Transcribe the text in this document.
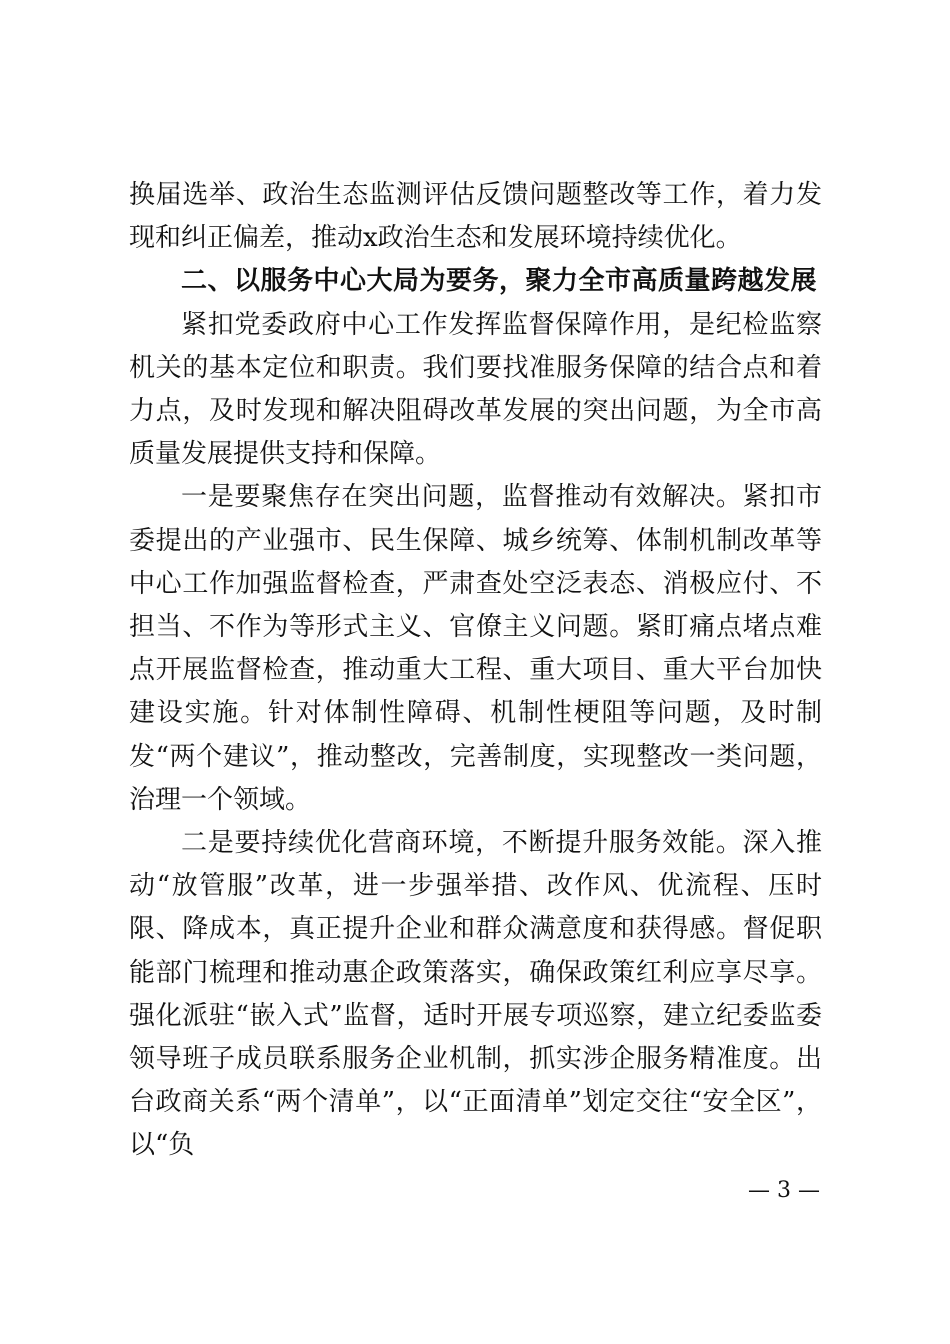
换届选举、政治生态监测评估反馈问题整改等工作，着力发现和纠正偏差，推动x政治生态和发展环境持续优化。

二、以服务中心大局为要务，聚力全市高质量跨越发展

紧扣党委政府中心工作发挥监督保障作用，是纪检监察机关的基本定位和职责。我们要找准服务保障的结合点和着力点，及时发现和解决阻碍改革发展的突出问题，为全市高质量发展提供支持和保障。

一是要聚焦存在突出问题，监督推动有效解决。紧扣市委提出的产业强市、民生保障、城乡统筹、体制机制改革等中心工作加强监督检查，严肃查处空泛表态、消极应付、不担当、不作为等形式主义、官僚主义问题。紧盯痛点堵点难点开展监督检查，推动重大工程、重大项目、重大平台加快建设实施。针对体制性障碍、机制性梗阻等问题，及时制发“两个建议”，推动整改，完善制度，实现整改一类问题，治理一个领域。

二是要持续优化营商环境，不断提升服务效能。深入推动“放管服”改革，进一步强举措、改作风、优流程、压时限、降成本，真正提升企业和群众满意度和获得感。督促职能部门梳理和推动惠企政策落实，确保政策红利应享尽享。强化派驻“嵌入式”监督，适时开展专项巡察，建立纪委监委领导班子成员联系服务企业机制，抓实涉企服务精准度。出台政商关系“两个清单”，以“正面清单”划定交往“安全区”，以“负

— 3 —
